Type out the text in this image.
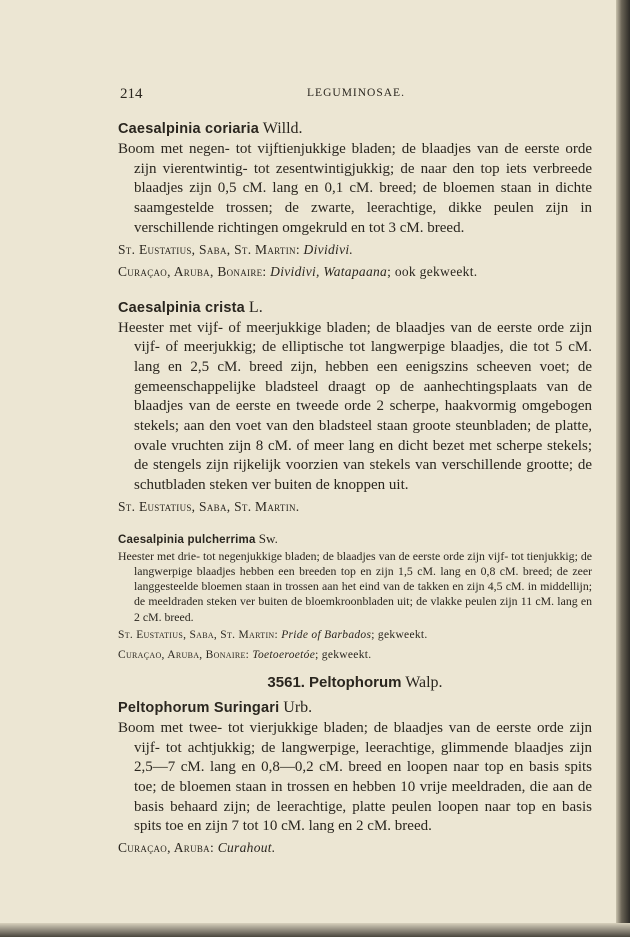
214	LEGUMINOSAE.

Caesalpinia coriaria Willd.

Boom met negen- tot vijftienjukkige bladen; de blaadjes van de eerste orde zijn vierentwintig- tot zesentwintigjukkig; de naar den top iets verbreede blaadjes zijn 0,5 cM. lang en 0,1 cM. breed; de bloemen staan in dichte saamgestelde trossen; de zwarte, leerachtige, dikke peulen zijn in verschillende richtingen omgekruld en tot 3 cM. breed.

St. Eustatius, Saba, St. Martin: Dividivi.

Curaçao, Aruba, Bonaire: Dividivi, Watapaana; ook gekweekt.

Caesalpinia crista L.

Heester met vijf- of meerjukkige bladen; de blaadjes van de eerste orde zijn vijf- of meerjukkig; de elliptische tot langwerpige blaadjes, die tot 5 cM. lang en 2,5 cM. breed zijn, hebben een eenigszins scheeven voet; de gemeenschappelijke bladsteel draagt op de aanhechtingsplaats van de blaadjes van de eerste en tweede orde 2 scherpe, haakvormig omgebogen stekels; aan den voet van den bladsteel staan groote steunbladen; de platte, ovale vruchten zijn 8 cM. of meer lang en dicht bezet met scherpe stekels; de stengels zijn rijkelijk voorzien van stekels van verschillende grootte; de schutbladen steken ver buiten de knoppen uit.

St. Eustatius, Saba, St. Martin.

Caesalpinia pulcherrima Sw.

Heester met drie- tot negenjukkige bladen; de blaadjes van de eerste orde zijn vijf- tot tienjukkig; de langwerpige blaadjes hebben een breeden top en zijn 1,5 cM. lang en 0,8 cM. breed; de zeer langgesteelde bloemen staan in trossen aan het eind van de takken en zijn 4,5 cM. in middellijn; de meeldraden steken ver buiten de bloemkroonbladen uit; de vlakke peulen zijn 11 cM. lang en 2 cM. breed.

St. Eustatius, Saba, St. Martin: Pride of Barbados; gekweekt.

Curaçao, Aruba, Bonaire: Toetoeroetóe; gekweekt.

3561. Peltophorum Walp.

Peltophorum Suringari Urb.

Boom met twee- tot vierjukkige bladen; de blaadjes van de eerste orde zijn vijf- tot achtjukkig; de langwerpige, leerachtige, glimmende blaadjes zijn 2,5—7 cM. lang en 0,8—0,2 cM. breed en loopen naar top en basis spits toe; de bloemen staan in trossen en hebben 10 vrije meeldraden, die aan de basis behaard zijn; de leerachtige, platte peulen loopen naar top en basis spits toe en zijn 7 tot 10 cM. lang en 2 cM. breed.

Curaçao, Aruba: Curahout.
